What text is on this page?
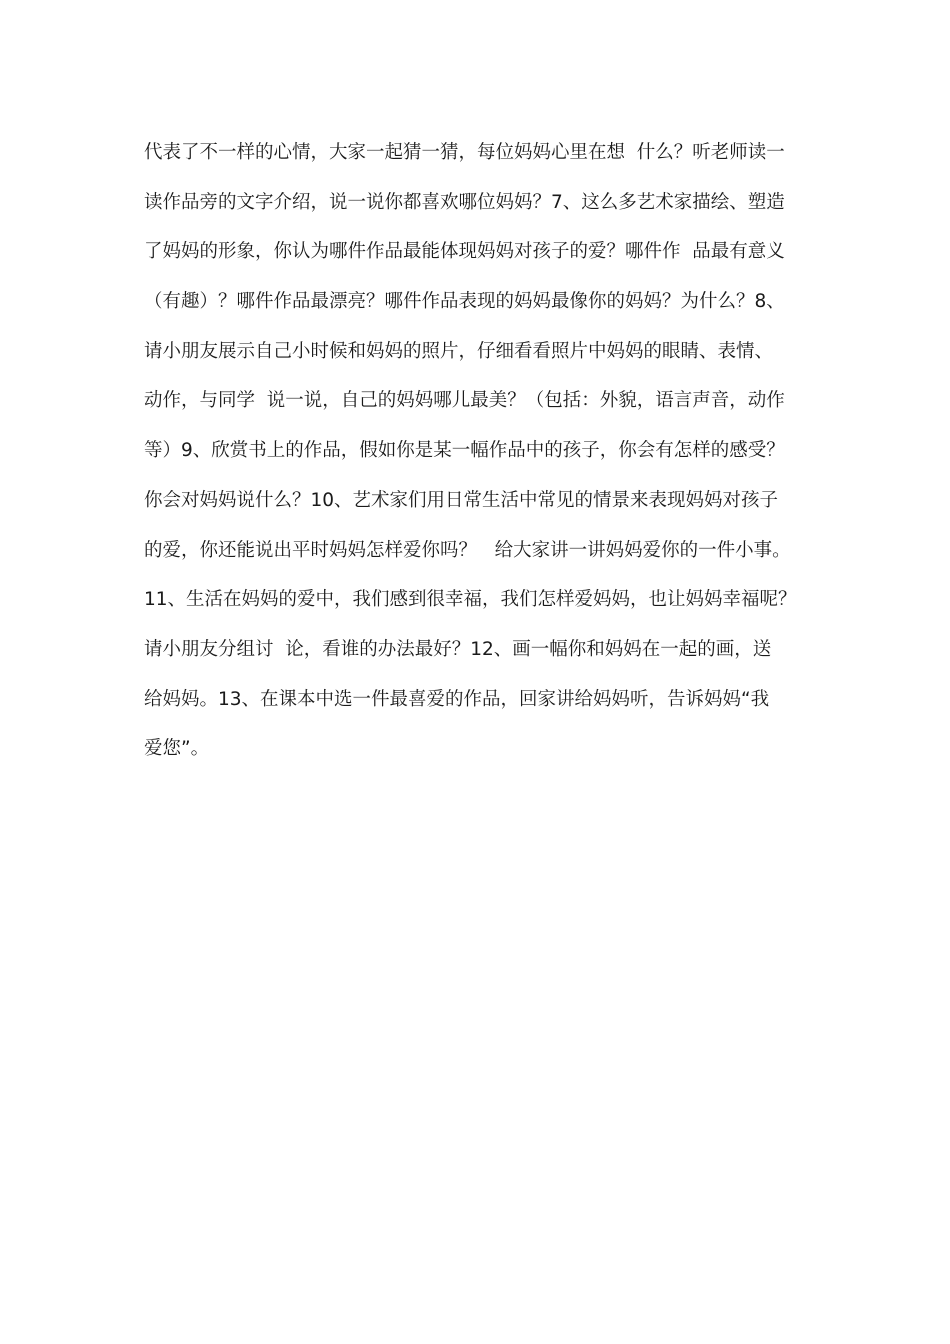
代表了不一样的心情，大家一起猜一猜，每位妈妈心里在想  什么？听老师读一
读作品旁的文字介绍，说一说你都喜欢哪位妈妈？7、这么多艺术家描绘、塑造
了妈妈的形象，你认为哪件作品最能体现妈妈对孩子的爱？哪件作  品最有意义
（有趣）？哪件作品最漂亮？哪件作品表现的妈妈最像你的妈妈？为什么？8、
请小朋友展示自己小时候和妈妈的照片，仔细看看照片中妈妈的眼睛、表情、
动作，与同学  说一说，自己的妈妈哪儿最美？（包括：外貌，语言声音，动作
等）9、欣赏书上的作品，假如你是某一幅作品中的孩子，你会有怎样的感受？
你会对妈妈说什么？10、艺术家们用日常生活中常见的情景来表现妈妈对孩子
的爱，你还能说出平时妈妈怎样爱你吗？   给大家讲一讲妈妈爱你的一件小事。
11、生活在妈妈的爱中，我们感到很幸福，我们怎样爱妈妈，也让妈妈幸福呢？
请小朋友分组讨  论，看谁的办法最好？12、画一幅你和妈妈在一起的画，送
给妈妈。13、在课本中选一件最喜爱的作品，回家讲给妈妈听，告诉妈妈“我
爱您”。
